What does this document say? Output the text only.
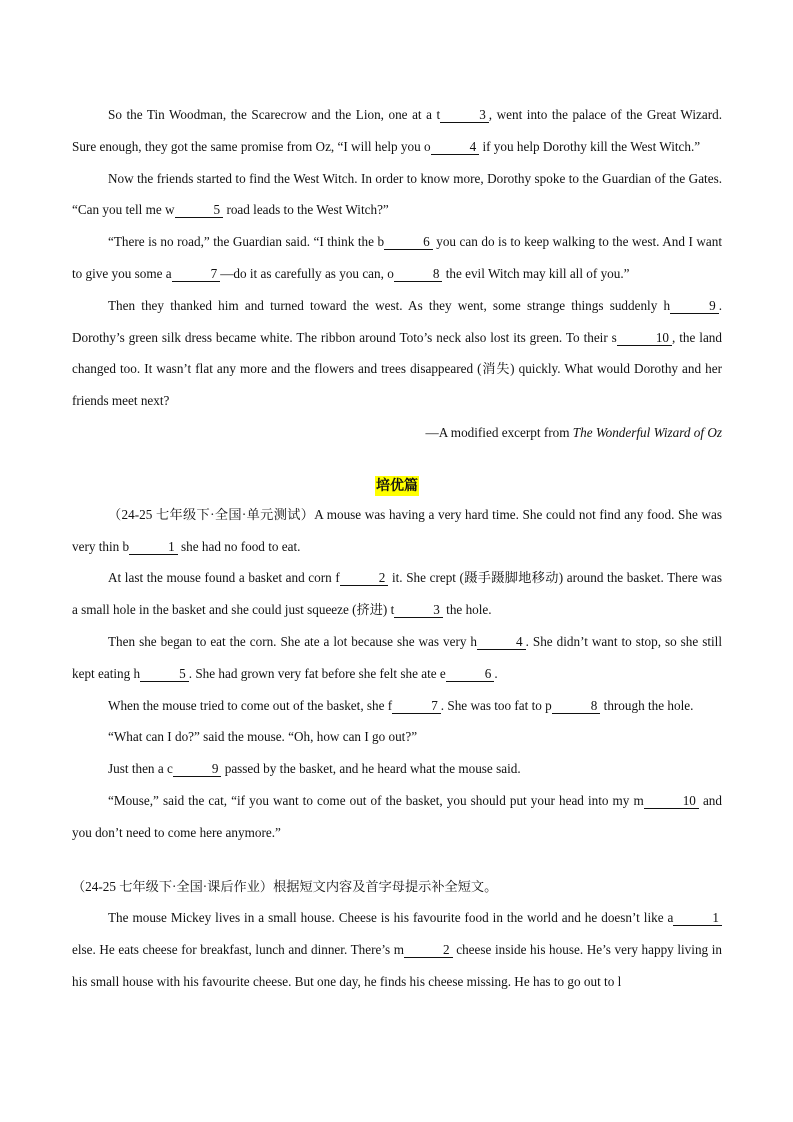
So the Tin Woodman, the Scarecrow and the Lion, one at a t	3 , went into the palace of the Great Wizard. Sure enough, they got the same promise from Oz, “I will help you o	4 if you help Dorothy kill the West Witch.”

Now the friends started to find the West Witch. In order to know more, Dorothy spoke to the Guardian of the Gates. “Can you tell me w	5 road leads to the West Witch?”

“There is no road,” the Guardian said. “I think the b	6 you can do is to keep walking to the west. And I want to give you some a	7 —do it as carefully as you can, o	8 the evil Witch may kill all of you.”

Then they thanked him and turned toward the west. As they went, some strange things suddenly h	9 . Dorothy’s green silk dress became white. The ribbon around Toto’s neck also lost its green. To their s	10 , the land changed too. It wasn’t flat any more and the flowers and trees disappeared (消失) quickly. What would Dorothy and her friends meet next?

—A modified excerpt from The Wonderful Wizard of Oz
培优篇

（24-25 七年级下·全国·单元测试）A mouse was having a very hard time. She could not find any food. She was very thin b	1 she had no food to eat.

At last the mouse found a basket and corn f	2 it. She crept (蹑手蹑脚地移动) around the basket. There was a small hole in the basket and she could just squeeze (挤进) t	3 the hole.

Then she began to eat the corn. She ate a lot because she was very h	4 . She didn’t want to stop, so she still kept eating h	5 . She had grown very fat before she felt she ate e	6 .

When the mouse tried to come out of the basket, she f	7 . She was too fat to p	8 through the hole.

“What can I do?” said the mouse. “Oh, how can I go out?”

Just then a c	9 passed by the basket, and he heard what the mouse said.

“Mouse,” said the cat, “if you want to come out of the basket, you should put your head into my m	10 and you don’t need to come here anymore.”

（24-25 七年级下·全国·课后作业）根据短文内容及首字母提示补全短文。

The mouse Mickey lives in a small house. Cheese is his favourite food in the world and he doesn’t like a	1 else. He eats cheese for breakfast, lunch and dinner. There’s m	2 cheese inside his house. He’s very happy living in his small house with his favourite cheese. But one day, he finds his cheese missing. He has to go out to l
